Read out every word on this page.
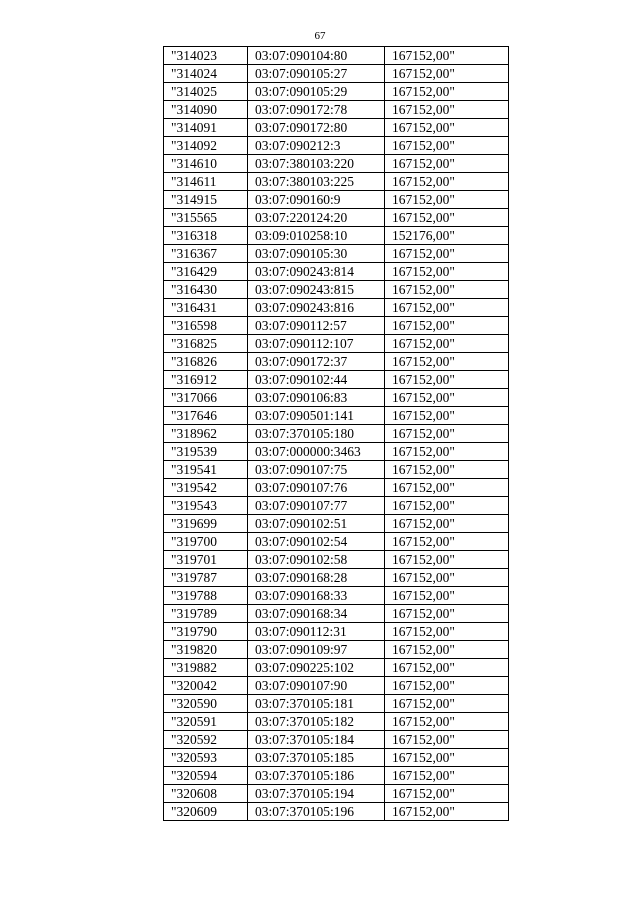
67
"314023	03:07:090104:80	167152,00"
"314024	03:07:090105:27	167152,00"
"314025	03:07:090105:29	167152,00"
"314090	03:07:090172:78	167152,00"
"314091	03:07:090172:80	167152,00"
"314092	03:07:090212:3	167152,00"
"314610	03:07:380103:220	167152,00"
"314611	03:07:380103:225	167152,00"
"314915	03:07:090160:9	167152,00"
"315565	03:07:220124:20	167152,00"
"316318	03:09:010258:10	152176,00"
"316367	03:07:090105:30	167152,00"
"316429	03:07:090243:814	167152,00"
"316430	03:07:090243:815	167152,00"
"316431	03:07:090243:816	167152,00"
"316598	03:07:090112:57	167152,00"
"316825	03:07:090112:107	167152,00"
"316826	03:07:090172:37	167152,00"
"316912	03:07:090102:44	167152,00"
"317066	03:07:090106:83	167152,00"
"317646	03:07:090501:141	167152,00"
"318962	03:07:370105:180	167152,00"
"319539	03:07:000000:3463	167152,00"
"319541	03:07:090107:75	167152,00"
"319542	03:07:090107:76	167152,00"
"319543	03:07:090107:77	167152,00"
"319699	03:07:090102:51	167152,00"
"319700	03:07:090102:54	167152,00"
"319701	03:07:090102:58	167152,00"
"319787	03:07:090168:28	167152,00"
"319788	03:07:090168:33	167152,00"
"319789	03:07:090168:34	167152,00"
"319790	03:07:090112:31	167152,00"
"319820	03:07:090109:97	167152,00"
"319882	03:07:090225:102	167152,00"
"320042	03:07:090107:90	167152,00"
"320590	03:07:370105:181	167152,00"
"320591	03:07:370105:182	167152,00"
"320592	03:07:370105:184	167152,00"
"320593	03:07:370105:185	167152,00"
"320594	03:07:370105:186	167152,00"
"320608	03:07:370105:194	167152,00"
"320609	03:07:370105:196	167152,00"
